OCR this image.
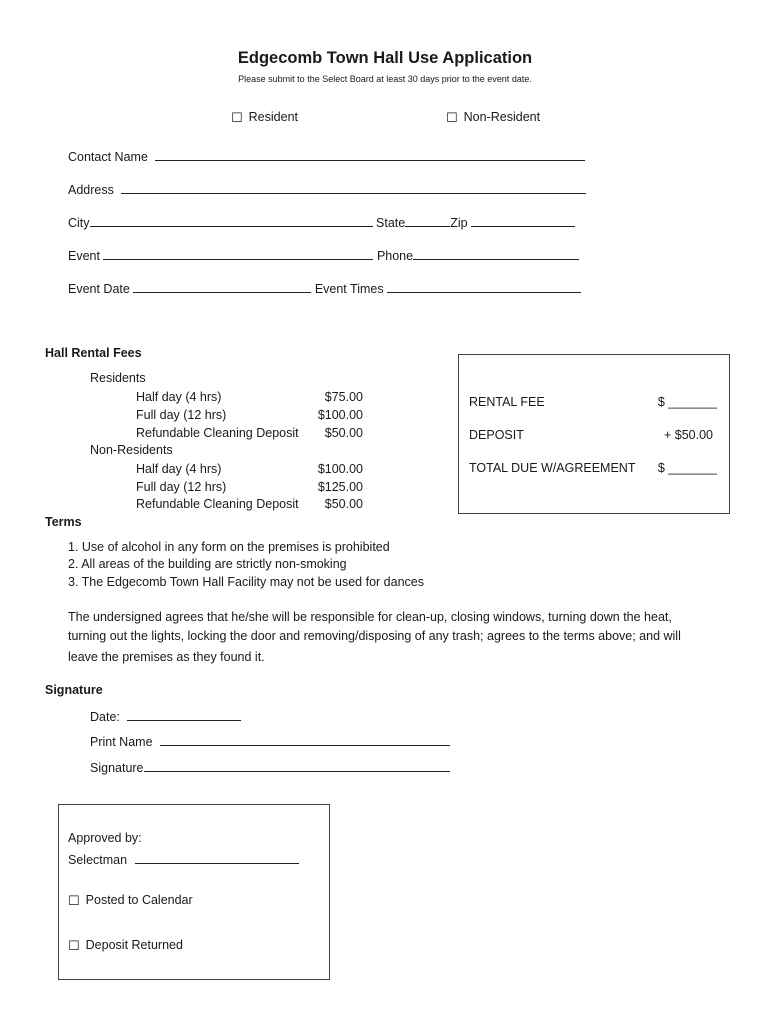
Edgecomb Town Hall Use Application
Please submit to the Select Board at least 30 days prior to the event date.
☐ Resident	☐ Non-Resident
Contact Name
Address
City	State	Zip
Event	Phone
Event Date	Event Times
Hall Rental Fees
Residents
Half day (4 hrs)	$75.00
Full day (12 hrs)	$100.00
Refundable Cleaning Deposit	$50.00
Non-Residents
Half day (4 hrs)	$100.00
Full day (12 hrs)	$125.00
Refundable Cleaning Deposit	$50.00
RENTAL FEE	$ _______
DEPOSIT	+ $50.00
TOTAL DUE W/AGREEMENT	$ _______
Terms
1. Use of alcohol in any form on the premises is prohibited
2. All areas of the building are strictly non-smoking
3. The Edgecomb Town Hall Facility may not be used for dances
The undersigned agrees that he/she will be responsible for clean-up, closing windows, turning down the heat,
turning out the lights, locking the door and removing/disposing of any trash; agrees to the terms above; and will
leave the premises as they found it.
Signature
Date:
Print Name
Signature
Approved by:
Selectman
☐ Posted to Calendar
☐ Deposit Returned
